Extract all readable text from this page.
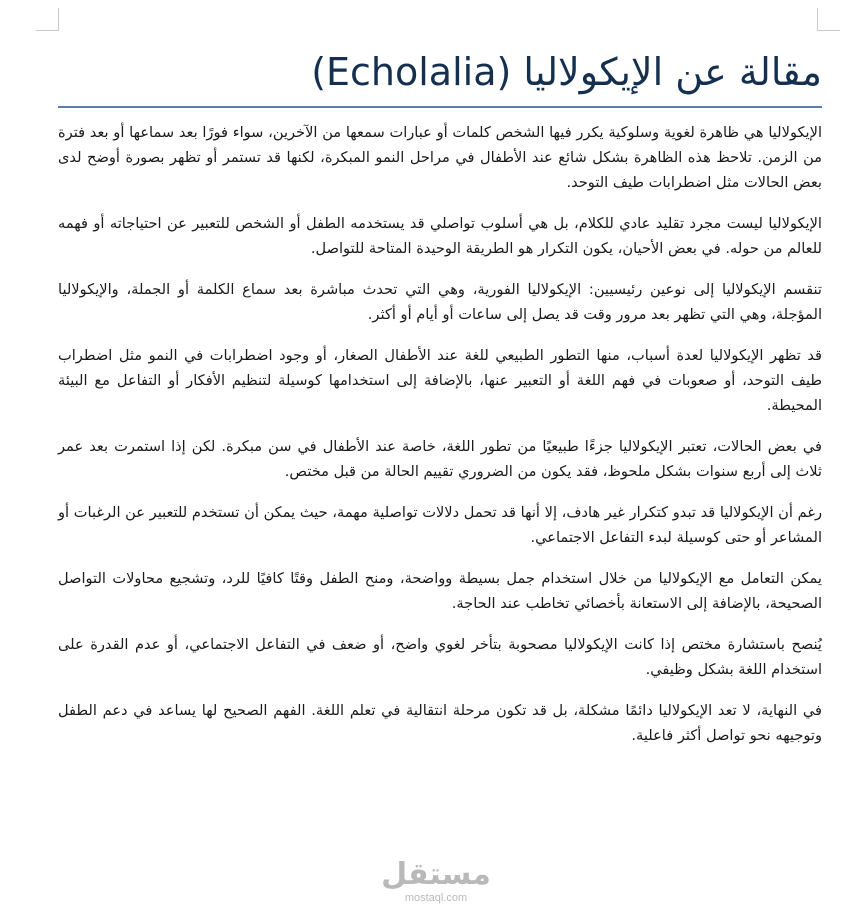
مقالة عن الإيكولاليا (Echolalia)

الإيكولاليا هي ظاهرة لغوية وسلوكية يكرر فيها الشخص كلمات أو عبارات سمعها من الآخرين، سواء فورًا بعد سماعها أو بعد فترة من الزمن. تلاحظ هذه الظاهرة بشكل شائع عند الأطفال في مراحل النمو المبكرة، لكنها قد تستمر أو تظهر بصورة أوضح لدى بعض الحالات مثل اضطرابات طيف التوحد.

الإيكولاليا ليست مجرد تقليد عادي للكلام، بل هي أسلوب تواصلي قد يستخدمه الطفل أو الشخص للتعبير عن احتياجاته أو فهمه للعالم من حوله. في بعض الأحيان، يكون التكرار هو الطريقة الوحيدة المتاحة للتواصل.

تنقسم الإيكولاليا إلى نوعين رئيسيين: الإيكولاليا الفورية، وهي التي تحدث مباشرة بعد سماع الكلمة أو الجملة، والإيكولاليا المؤجلة، وهي التي تظهر بعد مرور وقت قد يصل إلى ساعات أو أيام أو أكثر.

قد تظهر الإيكولاليا لعدة أسباب، منها التطور الطبيعي للغة عند الأطفال الصغار، أو وجود اضطرابات في النمو مثل اضطراب طيف التوحد، أو صعوبات في فهم اللغة أو التعبير عنها، بالإضافة إلى استخدامها كوسيلة لتنظيم الأفكار أو التفاعل مع البيئة المحيطة.

في بعض الحالات، تعتبر الإيكولاليا جزءًا طبيعيًا من تطور اللغة، خاصة عند الأطفال في سن مبكرة. لكن إذا استمرت بعد عمر ثلاث إلى أربع سنوات بشكل ملحوظ، فقد يكون من الضروري تقييم الحالة من قبل مختص.

رغم أن الإيكولاليا قد تبدو كتكرار غير هادف، إلا أنها قد تحمل دلالات تواصلية مهمة، حيث يمكن أن تستخدم للتعبير عن الرغبات أو المشاعر أو حتى كوسيلة لبدء التفاعل الاجتماعي.

يمكن التعامل مع الإيكولاليا من خلال استخدام جمل بسيطة وواضحة، ومنح الطفل وقتًا كافيًا للرد، وتشجيع محاولات التواصل الصحيحة، بالإضافة إلى الاستعانة بأخصائي تخاطب عند الحاجة.

يُنصح باستشارة مختص إذا كانت الإيكولاليا مصحوبة بتأخر لغوي واضح، أو ضعف في التفاعل الاجتماعي، أو عدم القدرة على استخدام اللغة بشكل وظيفي.

في النهاية، لا تعد الإيكولاليا دائمًا مشكلة، بل قد تكون مرحلة انتقالية في تعلم اللغة. الفهم الصحيح لها يساعد في دعم الطفل وتوجيهه نحو تواصل أكثر فاعلية.

مستقل
mostaql.com
